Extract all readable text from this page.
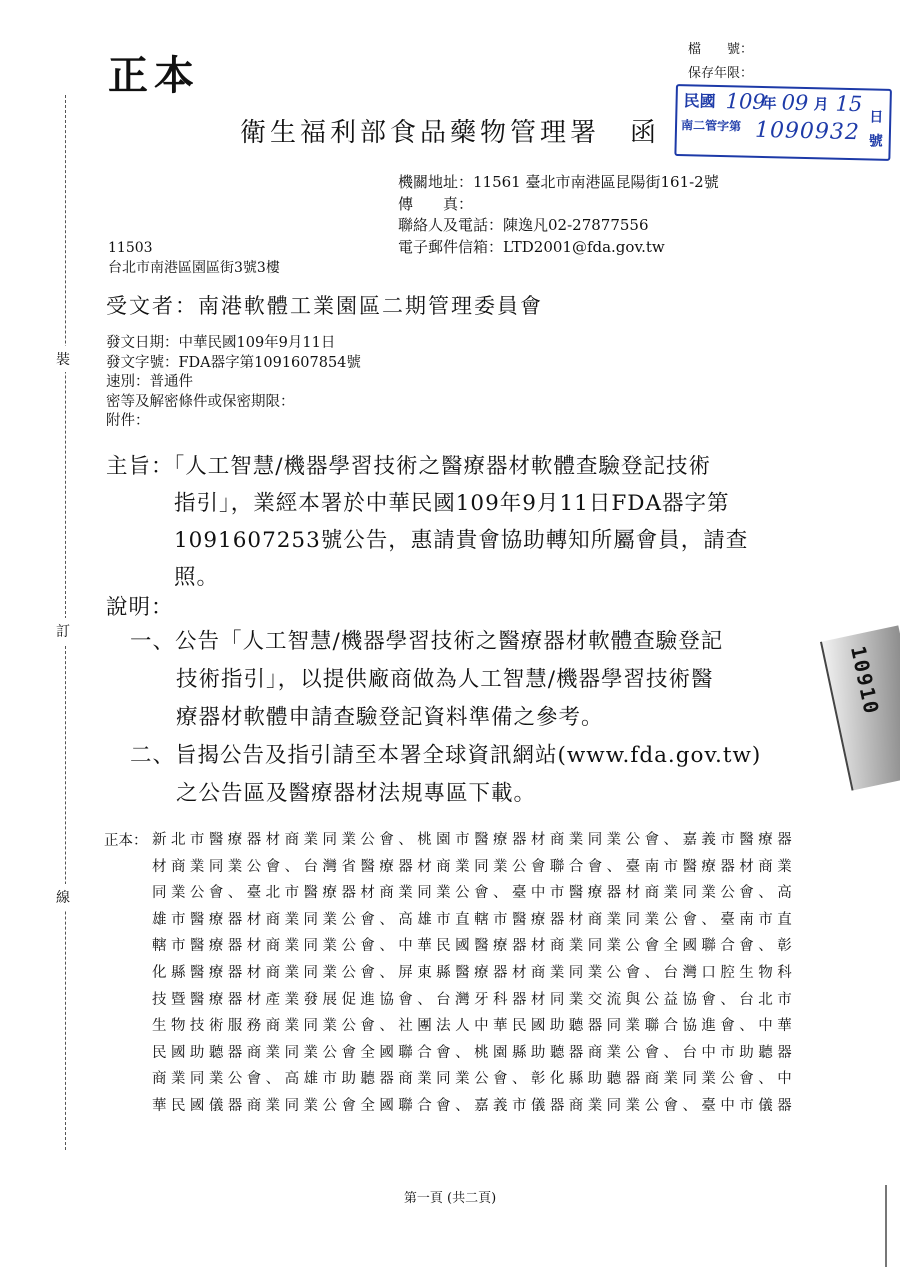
正本
檔　　號：
保存年限：
民國 109
年 09 月 15
日
南二管字第 1090932 號
衛生福利部食品藥物管理署　函
機關地址：11561 臺北市南港區昆陽街161-2號
傳　　真：
聯絡人及電話：陳逸凡02-27877556
電子郵件信箱：LTD2001@fda.gov.tw
11503
台北市南港區園區街3號3樓
受文者：南港軟體工業園區二期管理委員會
發文日期：中華民國109年9月11日
發文字號：FDA器字第1091607854號
速別：普通件
密等及解密條件或保密期限：
附件：
主旨：「人工智慧/機器學習技術之醫療器材軟體查驗登記技術
指引」，業經本署於中華民國109年9月11日FDA器字第
1091607253號公告，惠請貴會協助轉知所屬會員，請查
照。
說明：
一、公告「人工智慧/機器學習技術之醫療器材軟體查驗登記
技術指引」，以提供廠商做為人工智慧/機器學習技術醫
療器材軟體申請查驗登記資料準備之參考。
二、旨揭公告及指引請至本署全球資訊網站(www.fda.gov.tw)
之公告區及醫療器材法規專區下載。
正本： 新北市醫療器材商業同業公會、桃園市醫療器材商業同業公會、嘉義市醫療器
材商業同業公會、台灣省醫療器材商業同業公會聯合會、臺南市醫療器材商業
同業公會、臺北市醫療器材商業同業公會、臺中市醫療器材商業同業公會、高
雄市醫療器材商業同業公會、高雄市直轄市醫療器材商業同業公會、臺南市直
轄市醫療器材商業同業公會、中華民國醫療器材商業同業公會全國聯合會、彰
化縣醫療器材商業同業公會、屏東縣醫療器材商業同業公會、台灣口腔生物科
技暨醫療器材產業發展促進協會、台灣牙科器材同業交流與公益協會、台北市
生物技術服務商業同業公會、社團法人中華民國助聽器同業聯合協進會、中華
民國助聽器商業同業公會全國聯合會、桃園縣助聽器商業公會、台中市助聽器
商業同業公會、高雄市助聽器商業同業公會、彰化縣助聽器商業同業公會、中
華民國儀器商業同業公會全國聯合會、嘉義市儀器商業同業公會、臺中市儀器
裝
訂
線
10910
第一頁 (共二頁)
